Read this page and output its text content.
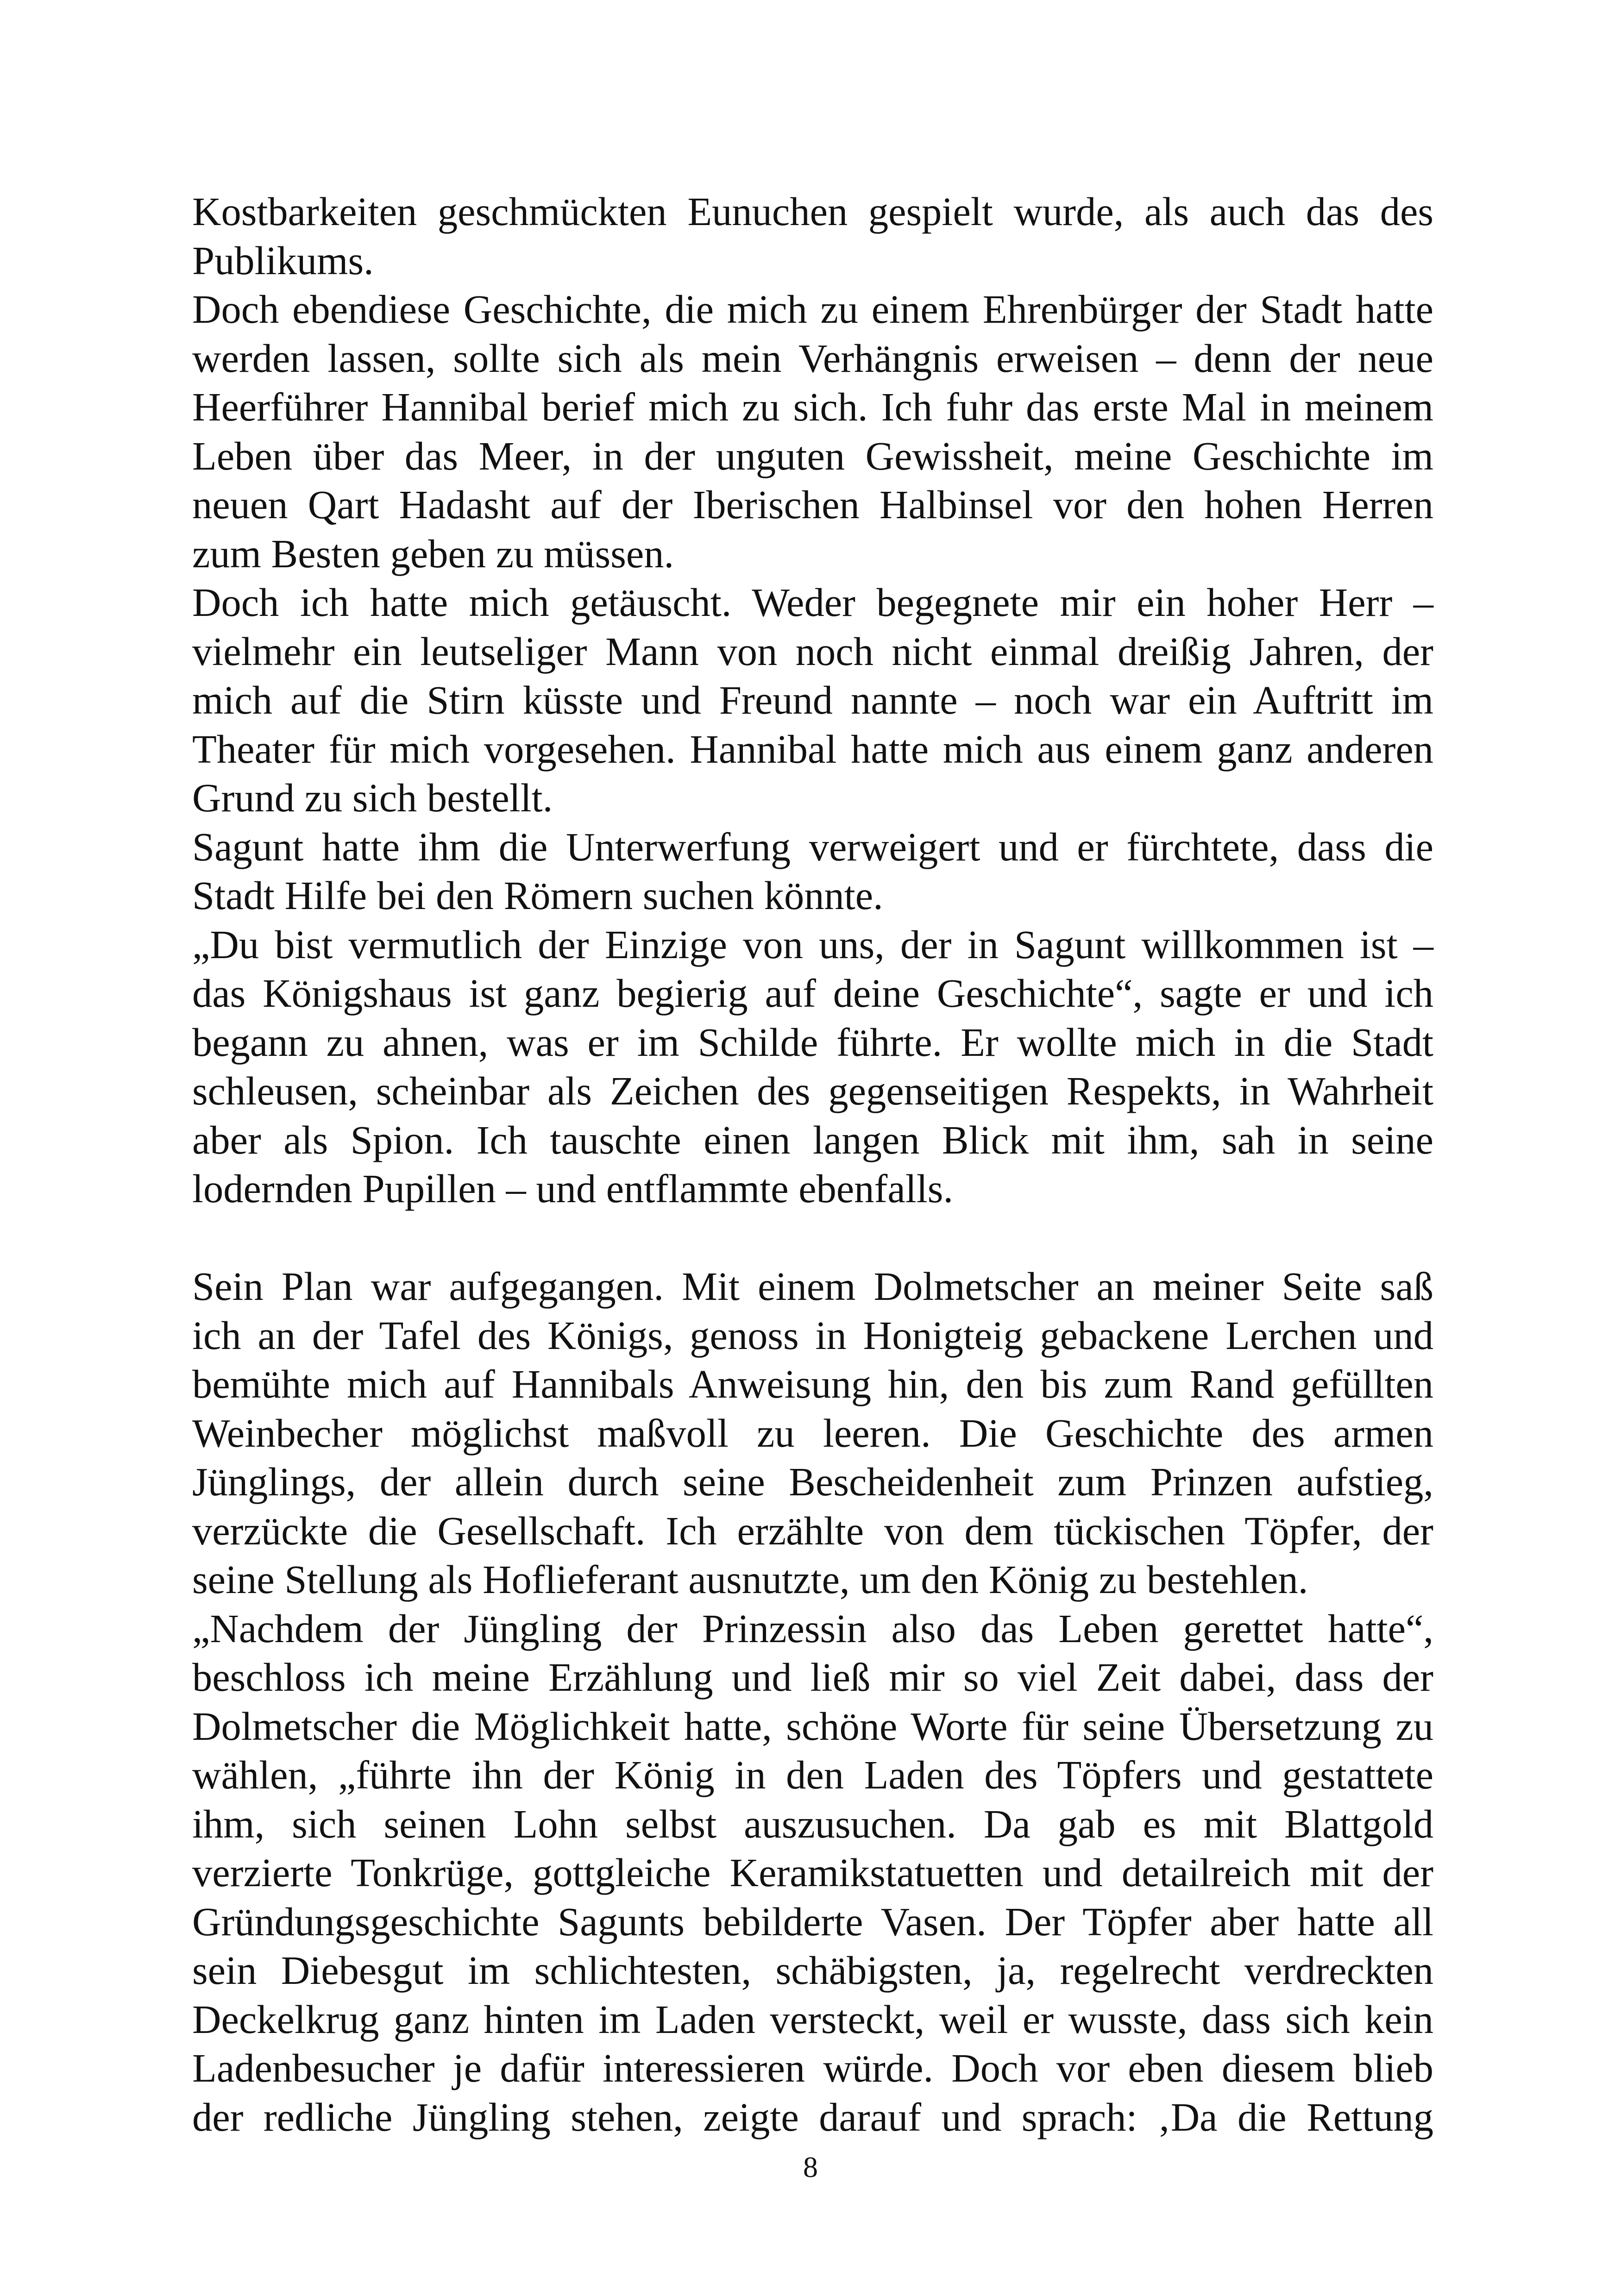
Kostbarkeiten geschmückten Eunuchen gespielt wurde, als auch das des
Publikums.
Doch ebendiese Geschichte, die mich zu einem Ehrenbürger der Stadt hatte
werden lassen, sollte sich als mein Verhängnis erweisen – denn der neue
Heerführer Hannibal berief mich zu sich. Ich fuhr das erste Mal in meinem
Leben über das Meer, in der unguten Gewissheit, meine Geschichte im
neuen Qart Hadasht auf der Iberischen Halbinsel vor den hohen Herren
zum Besten geben zu müssen.
Doch ich hatte mich getäuscht. Weder begegnete mir ein hoher Herr –
vielmehr ein leutseliger Mann von noch nicht einmal dreißig Jahren, der
mich auf die Stirn küsste und Freund nannte – noch war ein Auftritt im
Theater für mich vorgesehen. Hannibal hatte mich aus einem ganz anderen
Grund zu sich bestellt.
Sagunt hatte ihm die Unterwerfung verweigert und er fürchtete, dass die
Stadt Hilfe bei den Römern suchen könnte.
„Du bist vermutlich der Einzige von uns, der in Sagunt willkommen ist –
das Königshaus ist ganz begierig auf deine Geschichte“, sagte er und ich
begann zu ahnen, was er im Schilde führte. Er wollte mich in die Stadt
schleusen, scheinbar als Zeichen des gegenseitigen Respekts, in Wahrheit
aber als Spion. Ich tauschte einen langen Blick mit ihm, sah in seine
lodernden Pupillen – und entflammte ebenfalls.
Sein Plan war aufgegangen. Mit einem Dolmetscher an meiner Seite saß
ich an der Tafel des Königs, genoss in Honigteig gebackene Lerchen und
bemühte mich auf Hannibals Anweisung hin, den bis zum Rand gefüllten
Weinbecher möglichst maßvoll zu leeren. Die Geschichte des armen
Jünglings, der allein durch seine Bescheidenheit zum Prinzen aufstieg,
verzückte die Gesellschaft. Ich erzählte von dem tückischen Töpfer, der
seine Stellung als Hoflieferant ausnutzte, um den König zu bestehlen.
„Nachdem der Jüngling der Prinzessin also das Leben gerettet hatte“,
beschloss ich meine Erzählung und ließ mir so viel Zeit dabei, dass der
Dolmetscher die Möglichkeit hatte, schöne Worte für seine Übersetzung zu
wählen, „führte ihn der König in den Laden des Töpfers und gestattete
ihm, sich seinen Lohn selbst auszusuchen. Da gab es mit Blattgold
verzierte Tonkrüge, gottgleiche Keramikstatuetten und detailreich mit der
Gründungsgeschichte Sagunts bebilderte Vasen. Der Töpfer aber hatte all
sein Diebesgut im schlichtesten, schäbigsten, ja, regelrecht verdreckten
Deckelkrug ganz hinten im Laden versteckt, weil er wusste, dass sich kein
Ladenbesucher je dafür interessieren würde. Doch vor eben diesem blieb
der redliche Jüngling stehen, zeigte darauf und sprach: ‚Da die Rettung
8
